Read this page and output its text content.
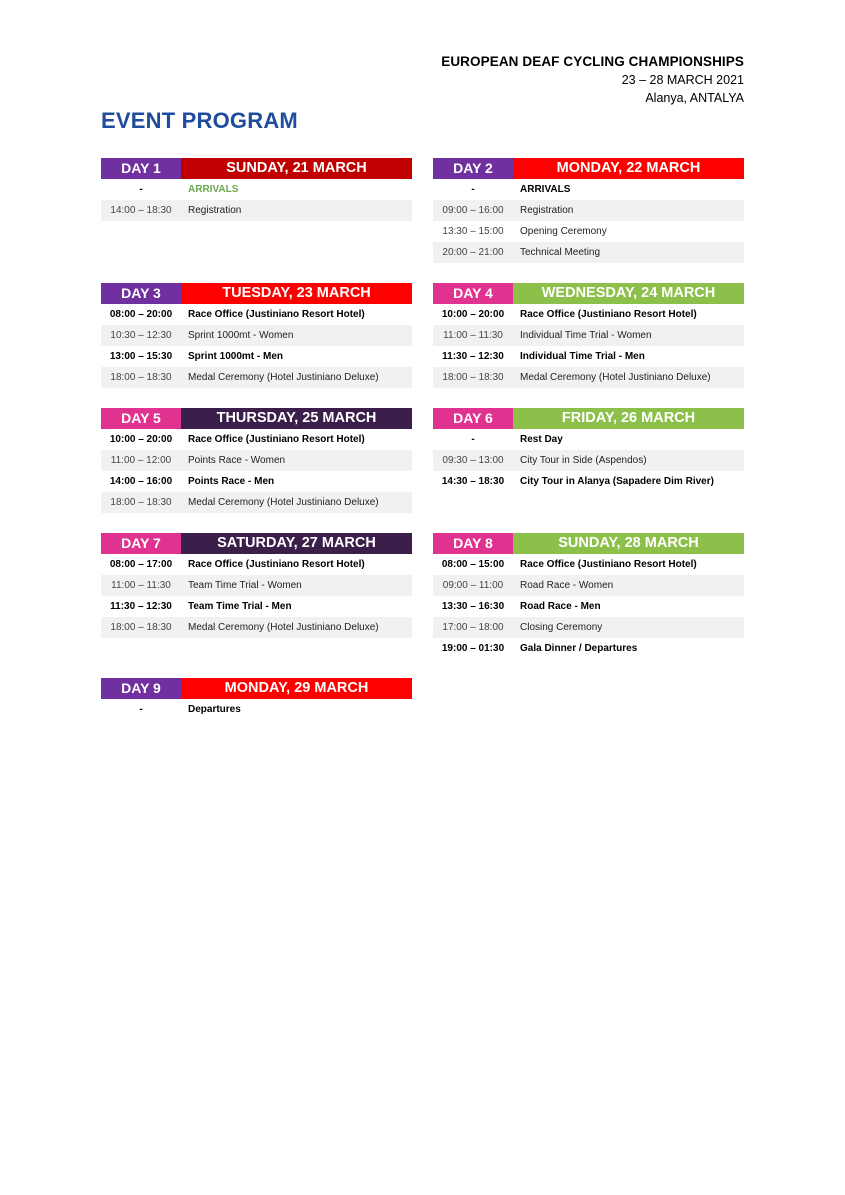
EUROPEAN DEAF CYCLING CHAMPIONSHIPS
23 – 28 MARCH 2021
Alanya, ANTALYA
EVENT PROGRAM
DAY 1	SUNDAY, 21 MARCH
-	ARRIVALS
14:00 – 18:30	Registration
DAY 2	MONDAY, 22 MARCH
-	ARRIVALS
09:00 – 16:00	Registration
13:30 – 15:00	Opening Ceremony
20:00 – 21:00	Technical Meeting
DAY 3	TUESDAY, 23 MARCH
08:00 – 20:00	Race Office (Justiniano Resort Hotel)
10:30 – 12:30	Sprint 1000mt - Women
13:00 – 15:30	Sprint 1000mt - Men
18:00 – 18:30	Medal Ceremony (Hotel Justiniano Deluxe)
DAY 4	WEDNESDAY, 24 MARCH
10:00 – 20:00	Race Office (Justiniano Resort Hotel)
11:00 – 11:30	Individual Time Trial - Women
11:30 – 12:30	Individual Time Trial - Men
18:00 – 18:30	Medal Ceremony (Hotel Justiniano Deluxe)
DAY 5	THURSDAY, 25 MARCH
10:00 – 20:00	Race Office (Justiniano Resort Hotel)
11:00 – 12:00	Points Race - Women
14:00 – 16:00	Points Race - Men
18:00 – 18:30	Medal Ceremony (Hotel Justiniano Deluxe)
DAY 6	FRIDAY, 26 MARCH
-	Rest Day
09:30 – 13:00	City Tour in Side (Aspendos)
14:30 – 18:30	City Tour in Alanya (Sapadere Dim River)
DAY 7	SATURDAY, 27 MARCH
08:00 – 17:00	Race Office (Justiniano Resort Hotel)
11:00 – 11:30	Team Time Trial - Women
11:30 – 12:30	Team Time Trial - Men
18:00 – 18:30	Medal Ceremony (Hotel Justiniano Deluxe)
DAY 8	SUNDAY, 28 MARCH
08:00 – 15:00	Race Office (Justiniano Resort Hotel)
09:00 – 11:00	Road Race - Women
13:30 – 16:30	Road Race - Men
17:00 – 18:00	Closing Ceremony
19:00 – 01:30	Gala Dinner / Departures
DAY 9	MONDAY, 29 MARCH
-	Departures
